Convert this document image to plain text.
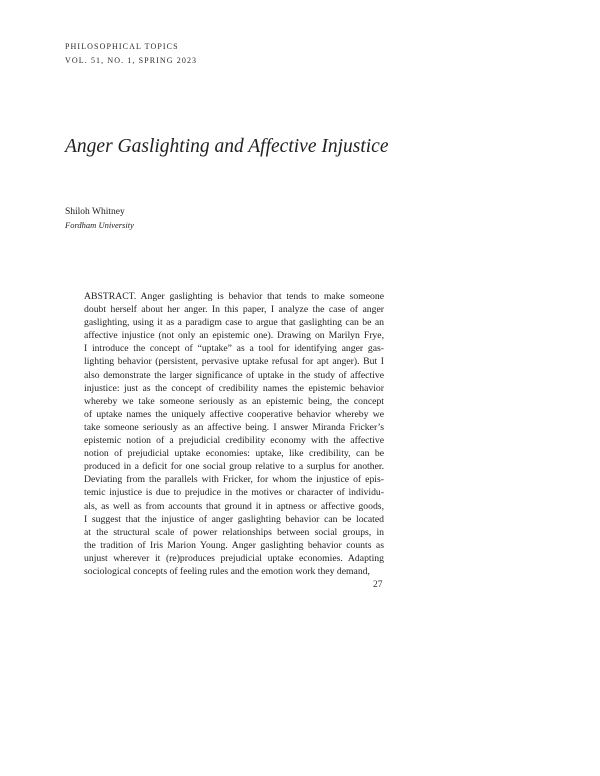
PHILOSOPHICAL TOPICS
VOL. 51, NO. 1, SPRING 2023
Anger Gaslighting and Affective Injustice
Shiloh Whitney
Fordham University
ABSTRACT. Anger gaslighting is behavior that tends to make someone
doubt herself about her anger. In this paper, I analyze the case of anger
gaslighting, using it as a paradigm case to argue that gaslighting can be an
affective injustice (not only an epistemic one). Drawing on Marilyn Frye,
I introduce the concept of “uptake” as a tool for identifying anger gas-
lighting behavior (persistent, pervasive uptake refusal for apt anger). But I
also demonstrate the larger significance of uptake in the study of affective
injustice: just as the concept of credibility names the epistemic behavior
whereby we take someone seriously as an epistemic being, the concept
of uptake names the uniquely affective cooperative behavior whereby we
take someone seriously as an affective being. I answer Miranda Fricker’s
epistemic notion of a prejudicial credibility economy with the affective
notion of prejudicial uptake economies: uptake, like credibility, can be
produced in a deficit for one social group relative to a surplus for another.
Deviating from the parallels with Fricker, for whom the injustice of epis-
temic injustice is due to prejudice in the motives or character of individu-
als, as well as from accounts that ground it in aptness or affective goods,
I suggest that the injustice of anger gaslighting behavior can be located
at the structural scale of power relationships between social groups, in
the tradition of Iris Marion Young. Anger gaslighting behavior counts as
unjust wherever it (re)produces prejudicial uptake economies. Adapting
sociological concepts of feeling rules and the emotion work they demand,
27
